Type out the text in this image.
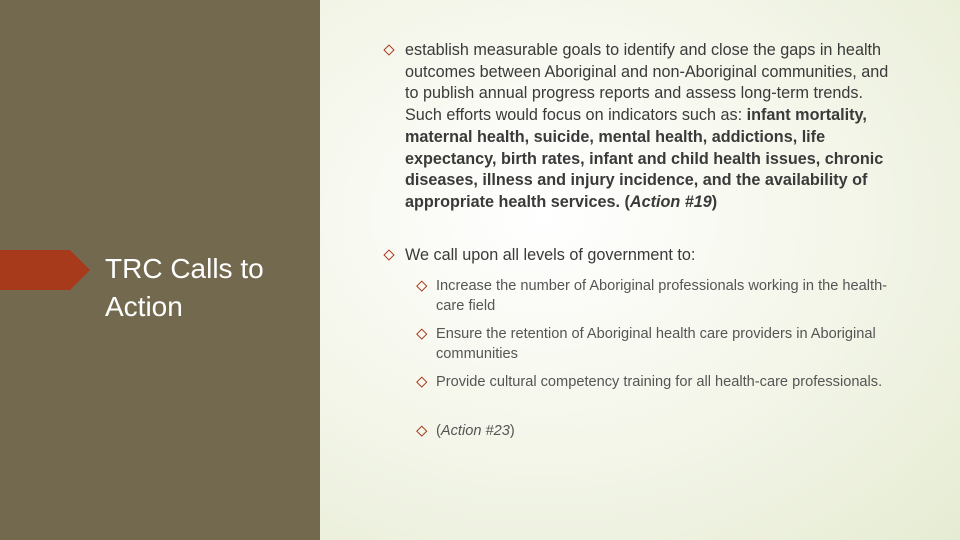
TRC Calls to Action
establish measurable goals to identify and close the gaps in health outcomes between Aboriginal and non-Aboriginal communities, and to publish annual progress reports and assess long-term trends. Such efforts would focus on indicators such as: infant mortality, maternal health, suicide, mental health, addictions, life expectancy, birth rates, infant and child health issues, chronic diseases, illness and injury incidence, and the availability of appropriate health services. (Action #19)
We call upon all levels of government to:
Increase the number of Aboriginal professionals working in the health-care field
Ensure the retention of Aboriginal health care providers in Aboriginal communities
Provide cultural competency training for all health-care professionals.
(Action #23)
